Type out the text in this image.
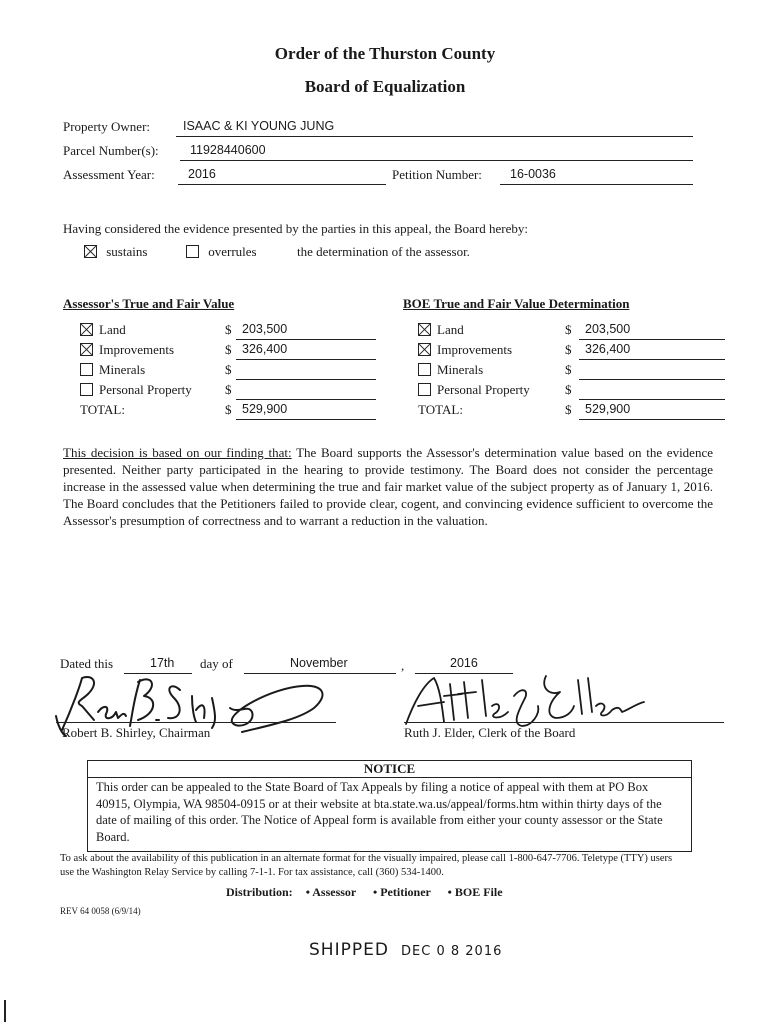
Order of the Thurston County
Board of Equalization
Property Owner:	ISAAC & KI YOUNG JUNG
Parcel Number(s):	11928440600
Assessment Year:	2016	Petition Number: 16-0036
Having considered the evidence presented by the parties in this appeal, the Board hereby:
sustains	overrules	the determination of the assessor.
Assessor's True and Fair Value
Land	$ 203,500
Improvements	$ 326,400
Minerals	$
Personal Property	$
TOTAL:	$ 529,900
BOE True and Fair Value Determination
Land	$ 203,500
Improvements	$ 326,400
Minerals	$
Personal Property	$
TOTAL:	$ 529,900
This decision is based on our finding that: The Board supports the Assessor's determination value based on the evidence presented. Neither party participated in the hearing to provide testimony. The Board does not consider the percentage increase in the assessed value when determining the true and fair market value of the subject property as of January 1, 2016. The Board concludes that the Petitioners failed to provide clear, cogent, and convincing evidence sufficient to overcome the Assessor's presumption of correctness and to warrant a reduction in the valuation.
Dated this	17th day of	November	,	2016
Robert B. Shirley, Chairman	Ruth J. Elder, Clerk of the Board
NOTICE
This order can be appealed to the State Board of Tax Appeals by filing a notice of appeal with them at PO Box 40915, Olympia, WA 98504-0915 or at their website at bta.state.wa.us/appeal/forms.htm within thirty days of the date of mailing of this order. The Notice of Appeal form is available from either your county assessor or the State Board.
To ask about the availability of this publication in an alternate format for the visually impaired, please call 1-800-647-7706. Teletype (TTY) users use the Washington Relay Service by calling 7-1-1. For tax assistance, call (360) 534-1400.
Distribution: • Assessor • Petitioner • BOE File
REV 64 0058 (6/9/14)
SHIPPED DEC 0 8 2016
